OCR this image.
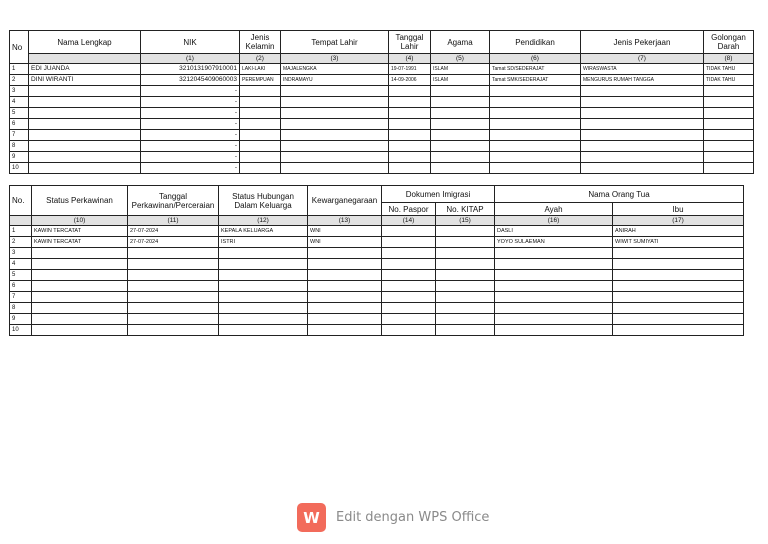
No	Nama Lengkap	NIK	Jenis Kelamin	Tempat Lahir	Tanggal Lahir	Agama	Pendidikan	Jenis Pekerjaan	Golongan Darah	
		(1)	(2)	(3)	(4)	(5)	(6)	(7)	(8)	
1	EDI JUANDA	3210131907910001	LAKI-LAKI	MAJALENGKA	19-07-1991	ISLAM	Tamat SD/SEDERAJAT	WIRASWASTA	TIDAK TAHU	
2	DINI WIRANTI	3212045409060003	PEREMPUAN	INDRAMAYU	14-09-2006	ISLAM	Tamat SMK/SEDERAJAT	MENGURUS RUMAH TANGGA	TIDAK TAHU	
3		-								
4		-								
5		-								
6		-								
7		-								
8		-								
9		-								
10		-								
No.	Status Perkawinan	Tanggal Perkawinan/Perceraian	Status Hubungan Dalam Keluarga	Kewarganegaraan	Dokumen Imigrasi		Nama Orang Tua	
					No. Paspor	No. KITAP	Ayah	Ibu
	(10)	(11)	(12)	(13)	(14)	(15)	(16)	(17)
1	KAWIN TERCATAT	27-07-2024	KEPALA KELUARGA	WNI			DASLI	ANIRAH
2	KAWIN TERCATAT	27-07-2024	ISTRI	WNI			YOYO SULAEMAN	WIWIT SUMIYATI
3								
4								
5								
6								
7								
8								
9								
10								
W	Edit dengan WPS Office
